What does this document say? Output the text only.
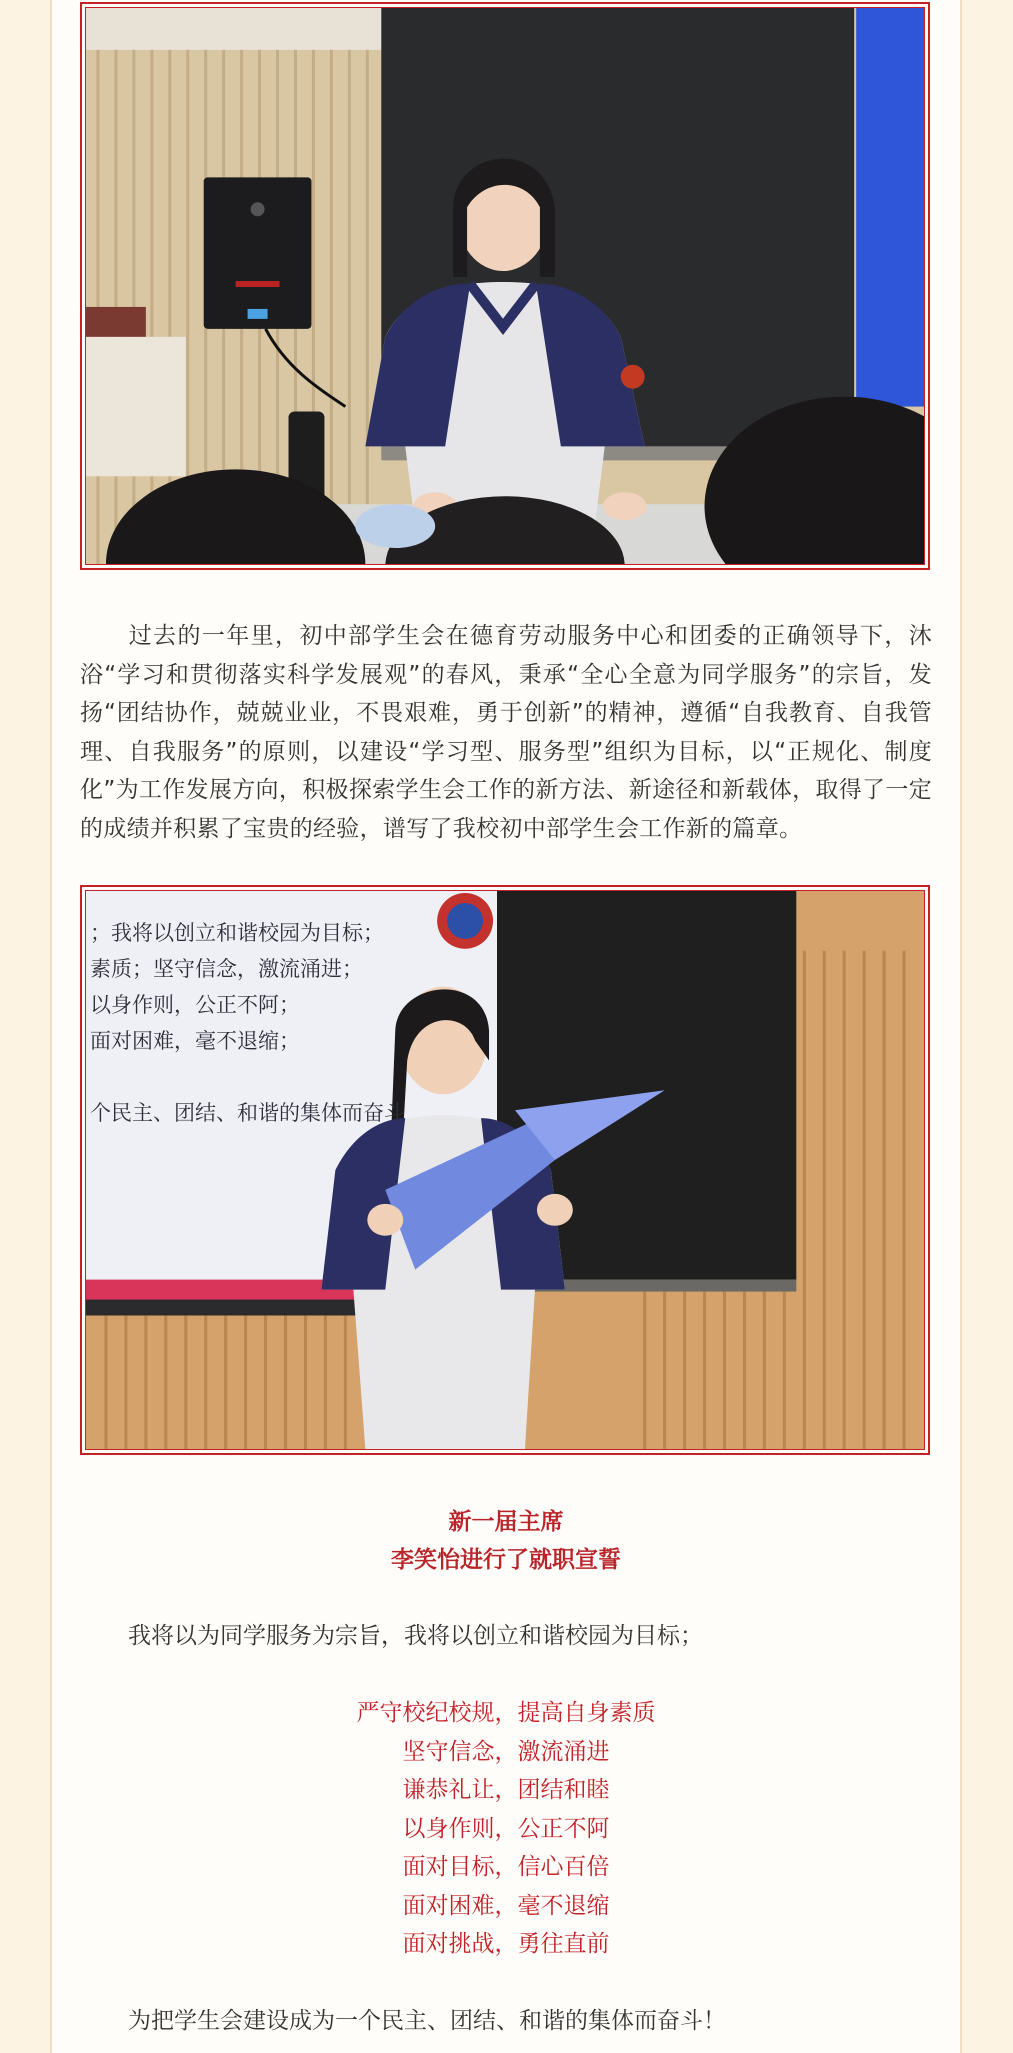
　　过去的一年里，初中部学生会在德育劳动服务中心和团委的正确领导下，沐浴“学习和贯彻落实科学发展观”的春风，秉承“全心全意为同学服务”的宗旨，发扬“团结协作，兢兢业业，不畏艰难，勇于创新”的精神，遵循“自我教育、自我管理、自我服务”的原则，以建设“学习型、服务型”组织为目标，以“正规化、制度化”为工作发展方向，积极探索学生会工作的新方法、新途径和新载体，取得了一定的成绩并积累了宝贵的经验，谱写了我校初中部学生会工作新的篇章。
；我将以创立和谐校园为目标；
素质；坚守信念，激流涌进；
以身作则，公正不阿；
面对困难，毫不退缩；
个民主、团结、和谐的集体而奋斗
新一届主席
李笑怡进行了就职宣誓
我将以为同学服务为宗旨，我将以创立和谐校园为目标；
严守校纪校规，提高自身素质
坚守信念，激流涌进
谦恭礼让，团结和睦
以身作则，公正不阿
面对目标，信心百倍
面对困难，毫不退缩
面对挑战，勇往直前
为把学生会建设成为一个民主、团结、和谐的集体而奋斗！
